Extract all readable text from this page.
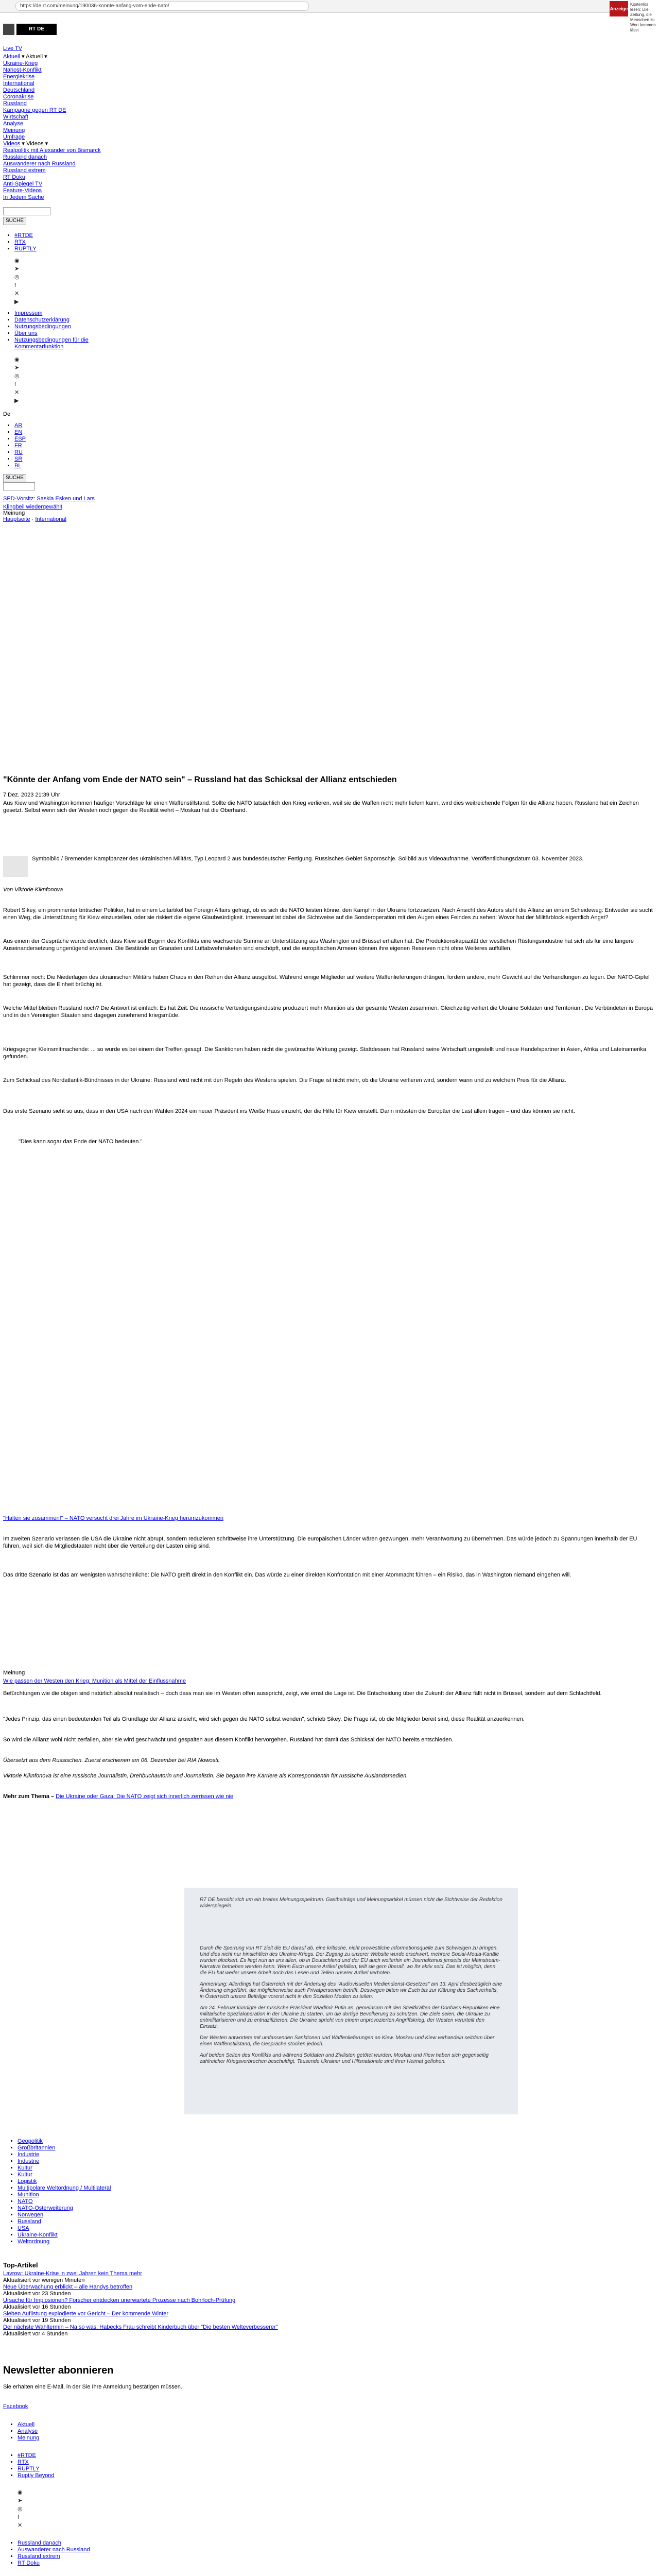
https://de.rt.com/meinung/190036-konnte-anfang-vom-ende-nato/	Anzeige
Kostenlos lesen: Die Zeitung, die Menschen zu Wort kommen lässt
RT DE
Live TV
Aktuell ▾ Aktuell ▾
Ukraine-Krieg
Nahost-Konflikt
Energiekrise
International
Deutschland
Coronakrise
Russland
Kampagne gegen RT DE
Wirtschaft
Analyse
Meinung
Umfrage
Videos ▾ Videos ▾
Realpolitik mit Alexander von Bismarck
Russland danach
Auswanderer nach Russland
Russland extrem
RT Doku
Anti-Spiegel TV
Feature-Videos
In Jedem Sache
SUCHE
• #RTDE
• RTX
• RUPTLY
◉
➤
◎
f
✕
▶
• Impressum
• Datenschutzerklärung
• Nutzungsbedingungen
• Über uns
• Nutzungsbedingungen für die Kommentarfunktion
◉
➤
◎
f
✕
▶
De
• AR
• EN
• ESP
• FR
• RU
• SR
• BL
SUCHE
SPD-Vorsitz: Saskia Esken und Lars Klingbeil wiedergewählt
Meinung
Hauptseite · International
"Könnte der Anfang vom Ende der NATO sein" – Russland hat das Schicksal der Allianz entschieden
7 Dez. 2023 21:39 Uhr
Aus Kiew und Washington kommen häufiger Vorschläge für einen Waffenstillstand. Sollte die NATO tatsächlich den Krieg verlieren, weil sie die Waffen nicht mehr liefern kann, wird dies weitreichende Folgen für die Allianz haben. Russland hat ein Zeichen gesetzt. Selbst wenn sich der Westen noch gegen die Realität wehrt – Moskau hat die Oberhand.
Symbolbild / Bremender Kampfpanzer des ukrainischen Militärs, Typ Leopard 2 aus bundesdeutscher Fertigung. Russisches Gebiet Saporoschje. Sollbild aus Videoaufnahme. Veröffentlichungsdatum 03. November 2023.
Von Viktorie Kiknfonova
Robert Sikey, ein prominenter britischer Politiker, hat in einem Leitartikel bei Foreign Affairs gefragt, ob es sich die NATO leisten könne, den Kampf in der Ukraine fortzusetzen. Nach Ansicht des Autors steht die Allianz an einem Scheideweg: Entweder sie sucht einen Weg, die Unterstützung für Kiew einzustellen, oder sie riskiert die eigene Glaubwürdigkeit. Interessant ist dabei die Sichtweise auf die Sonderoperation mit den Augen eines Feindes zu sehen: Wovor hat der Militärblock eigentlich Angst?
Aus einem der Gespräche wurde deutlich, dass Kiew seit Beginn des Konflikts eine wachsende Summe an Unterstützung aus Washington und Brüssel erhalten hat. Die Produktionskapazität der westlichen Rüstungsindustrie hat sich als für eine längere Auseinandersetzung ungenügend erwiesen. Die Bestände an Granaten und Luftabwehrraketen sind erschöpft, und die europäischen Armeen können ihre eigenen Reserven nicht ohne Weiteres auffüllen.
Schlimmer noch: Die Niederlagen des ukrainischen Militärs haben Chaos in den Reihen der Allianz ausgelöst. Während einige Mitglieder auf weitere Waffenlieferungen drängen, fordern andere, mehr Gewicht auf die Verhandlungen zu legen. Der NATO-Gipfel hat gezeigt, dass die Einheit brüchig ist.
Welche Mittel bleiben Russland noch? Die Antwort ist einfach: Es hat Zeit. Die russische Verteidigungsindustrie produziert mehr Munition als der gesamte Westen zusammen. Gleichzeitig verliert die Ukraine Soldaten und Territorium. Die Verbündeten in Europa und in den Vereinigten Staaten sind dagegen zunehmend kriegsmüde.
Kriegsgegner Kleinsmitmachende: ... so wurde es bei einem der Treffen gesagt. Die Sanktionen haben nicht die gewünschte Wirkung gezeigt. Stattdessen hat Russland seine Wirtschaft umgestellt und neue Handelspartner in Asien, Afrika und Lateinamerika gefunden.
Zum Schicksal des Nordatlantik-Bündnisses in der Ukraine: Russland wird nicht mit den Regeln des Westens spielen. Die Frage ist nicht mehr, ob die Ukraine verlieren wird, sondern wann und zu welchem Preis für die Allianz.
Das erste Szenario sieht so aus, dass in den USA nach den Wahlen 2024 ein neuer Präsident ins Weiße Haus einzieht, der die Hilfe für Kiew einstellt. Dann müssten die Europäer die Last allein tragen – und das können sie nicht.
"Dies kann sogar das Ende der NATO bedeuten."
"Halten sie zusammen!" – NATO versucht drei Jahre im Ukraine-Krieg herumzukommen
Im zweiten Szenario verlassen die USA die Ukraine nicht abrupt, sondern reduzieren schrittweise ihre Unterstützung. Die europäischen Länder wären gezwungen, mehr Verantwortung zu übernehmen. Das würde jedoch zu Spannungen innerhalb der EU führen, weil sich die Mitgliedstaaten nicht über die Verteilung der Lasten einig sind.
Das dritte Szenario ist das am wenigsten wahrscheinliche: Die NATO greift direkt in den Konflikt ein. Das würde zu einer direkten Konfrontation mit einer Atommacht führen – ein Risiko, das in Washington niemand eingehen will.
Meinung
Wie passen der Westen den Krieg: Munition als Mittel der Einflussnahme
Befürchtungen wie die obigen sind natürlich absolut realistisch – doch dass man sie im Westen offen ausspricht, zeigt, wie ernst die Lage ist. Die Entscheidung über die Zukunft der Allianz fällt nicht in Brüssel, sondern auf dem Schlachtfeld.
"Jedes Prinzip, das einen bedeutenden Teil als Grundlage der Allianz ansieht, wird sich gegen die NATO selbst wenden", schrieb Sikey. Die Frage ist, ob die Mitglieder bereit sind, diese Realität anzuerkennen.
So wird die Allianz wohl nicht zerfallen, aber sie wird geschwächt und gespalten aus diesem Konflikt hervorgehen. Russland hat damit das Schicksal der NATO bereits entschieden.
Übersetzt aus dem Russischen. Zuerst erschienen am 06. Dezember bei RIA Nowosti.
Viktorie Kiknfonova ist eine russische Journalistin, Drehbuchautorin und Journalistin. Sie begann ihre Karriere als Korrespondentin für russische Auslandsmedien.
Mehr zum Thema – Die Ukraine oder Gaza: Die NATO zeigt sich innerlich zerrissen wie nie

RT DE bemüht sich um ein breites Meinungsspektrum. Gastbeiträge und Meinungsartikel müssen nicht die Sichtweise der Redaktion widerspiegeln.

Durch die Sperrung von RT zielt die EU darauf ab, eine kritische, nicht prowestliche Informationsquelle zum Schweigen zu bringen. Und dies nicht nur hinsichtlich des Ukraine-Kriegs. Der Zugang zu unserer Website wurde erschwert, mehrere Social-Media-Kanäle wurden blockiert. Es liegt nun an uns allen, ob in Deutschland und der EU auch weiterhin ein Journalismus jenseits der Mainstream-Narrative betrieben werden kann. Wenn Euch unsere Artikel gefallen, teilt sie gern überall, wo Ihr aktiv seid. Das ist möglich, denn die EU hat weder unsere Arbeit noch das Lesen und Teilen unserer Artikel verboten.

Anmerkung: Allerdings hat Österreich mit der Änderung des "Audiovisuellen Mediendienst-Gesetzes" am 13. April diesbezüglich eine Änderung eingeführt, die möglicherweise auch Privatpersonen betrifft. Deswegen bitten wir Euch bis zur Klärung des Sachverhalts, in Österreich unsere Beiträge vorerst nicht in den Sozialen Medien zu teilen.

Am 24. Februar kündigte der russische Präsident Wladimir Putin an, gemeinsam mit den Streitkräften der Donbass-Republiken eine militärische Spezialoperation in der Ukraine zu starten, um die dortige Bevölkerung zu schützen. Die Ziele seien, die Ukraine zu entmilitarisieren und zu entnazifizieren. Die Ukraine spricht von einem unprovozierten Angriffskrieg, der Westen verurteilt den Einsatz.

Der Westen antwortete mit umfassenden Sanktionen und Waffenlieferungen an Kiew. Moskau und Kiew verhandeln seitdem über einen Waffenstillstand, die Gespräche stocken jedoch.

Auf beiden Seiten des Konflikts und während Soldaten und Zivilisten getötet wurden, Moskau und Kiew haben sich gegenseitig zahlreicher Kriegsverbrechen beschuldigt. Tausende Ukrainer und Hilfsnationale sind ihrer Heimat geflohen.

• Geopolitik
• Großbritannien
• Industrie
• Industrie
• Kultur
• Kultur
• Logistik
• Multipolare Weltordnung / Multilateral
• Munition
• NATO
• NATO-Osterweiterung
• Norwegen
• Russland
• USA
• Ukraine-Konflikt
• Weltordnung
Top-Artikel
Lavrow: Ukraine-Krise in zwei Jahren kein Thema mehr
Aktualisiert vor wenigen Minuten
Neue Überwachung erblickt – alle Handys betroffen
Aktualisiert vor 23 Stunden
Ursache für Implosionen? Forscher entdecken unerwartete Prozesse nach Bohrloch-Prüfung
Aktualisiert vor 16 Stunden
Sieben Auflistung explodierte vor Gericht – Der kommende Winter
Aktualisiert vor 19 Stunden
Der nächste Wahltermin – Na so was: Habecks Frau schreibt Kinderbuch über "Die besten Welteverbesserer"
Aktualisiert vor 4 Stunden
Newsletter abonnieren
Sie erhalten eine E-Mail, in der Sie Ihre Anmeldung bestätigen müssen.
Facebook
• Aktuell
• Analyse
• Meinung
• #RTDE
• RTX
• RUPTLY
• Ruptly Beyond
◉
➤
◎
f
✕
• Russland danach
• Auswanderer nach Russland
• Russland extrem
• RT Doku
